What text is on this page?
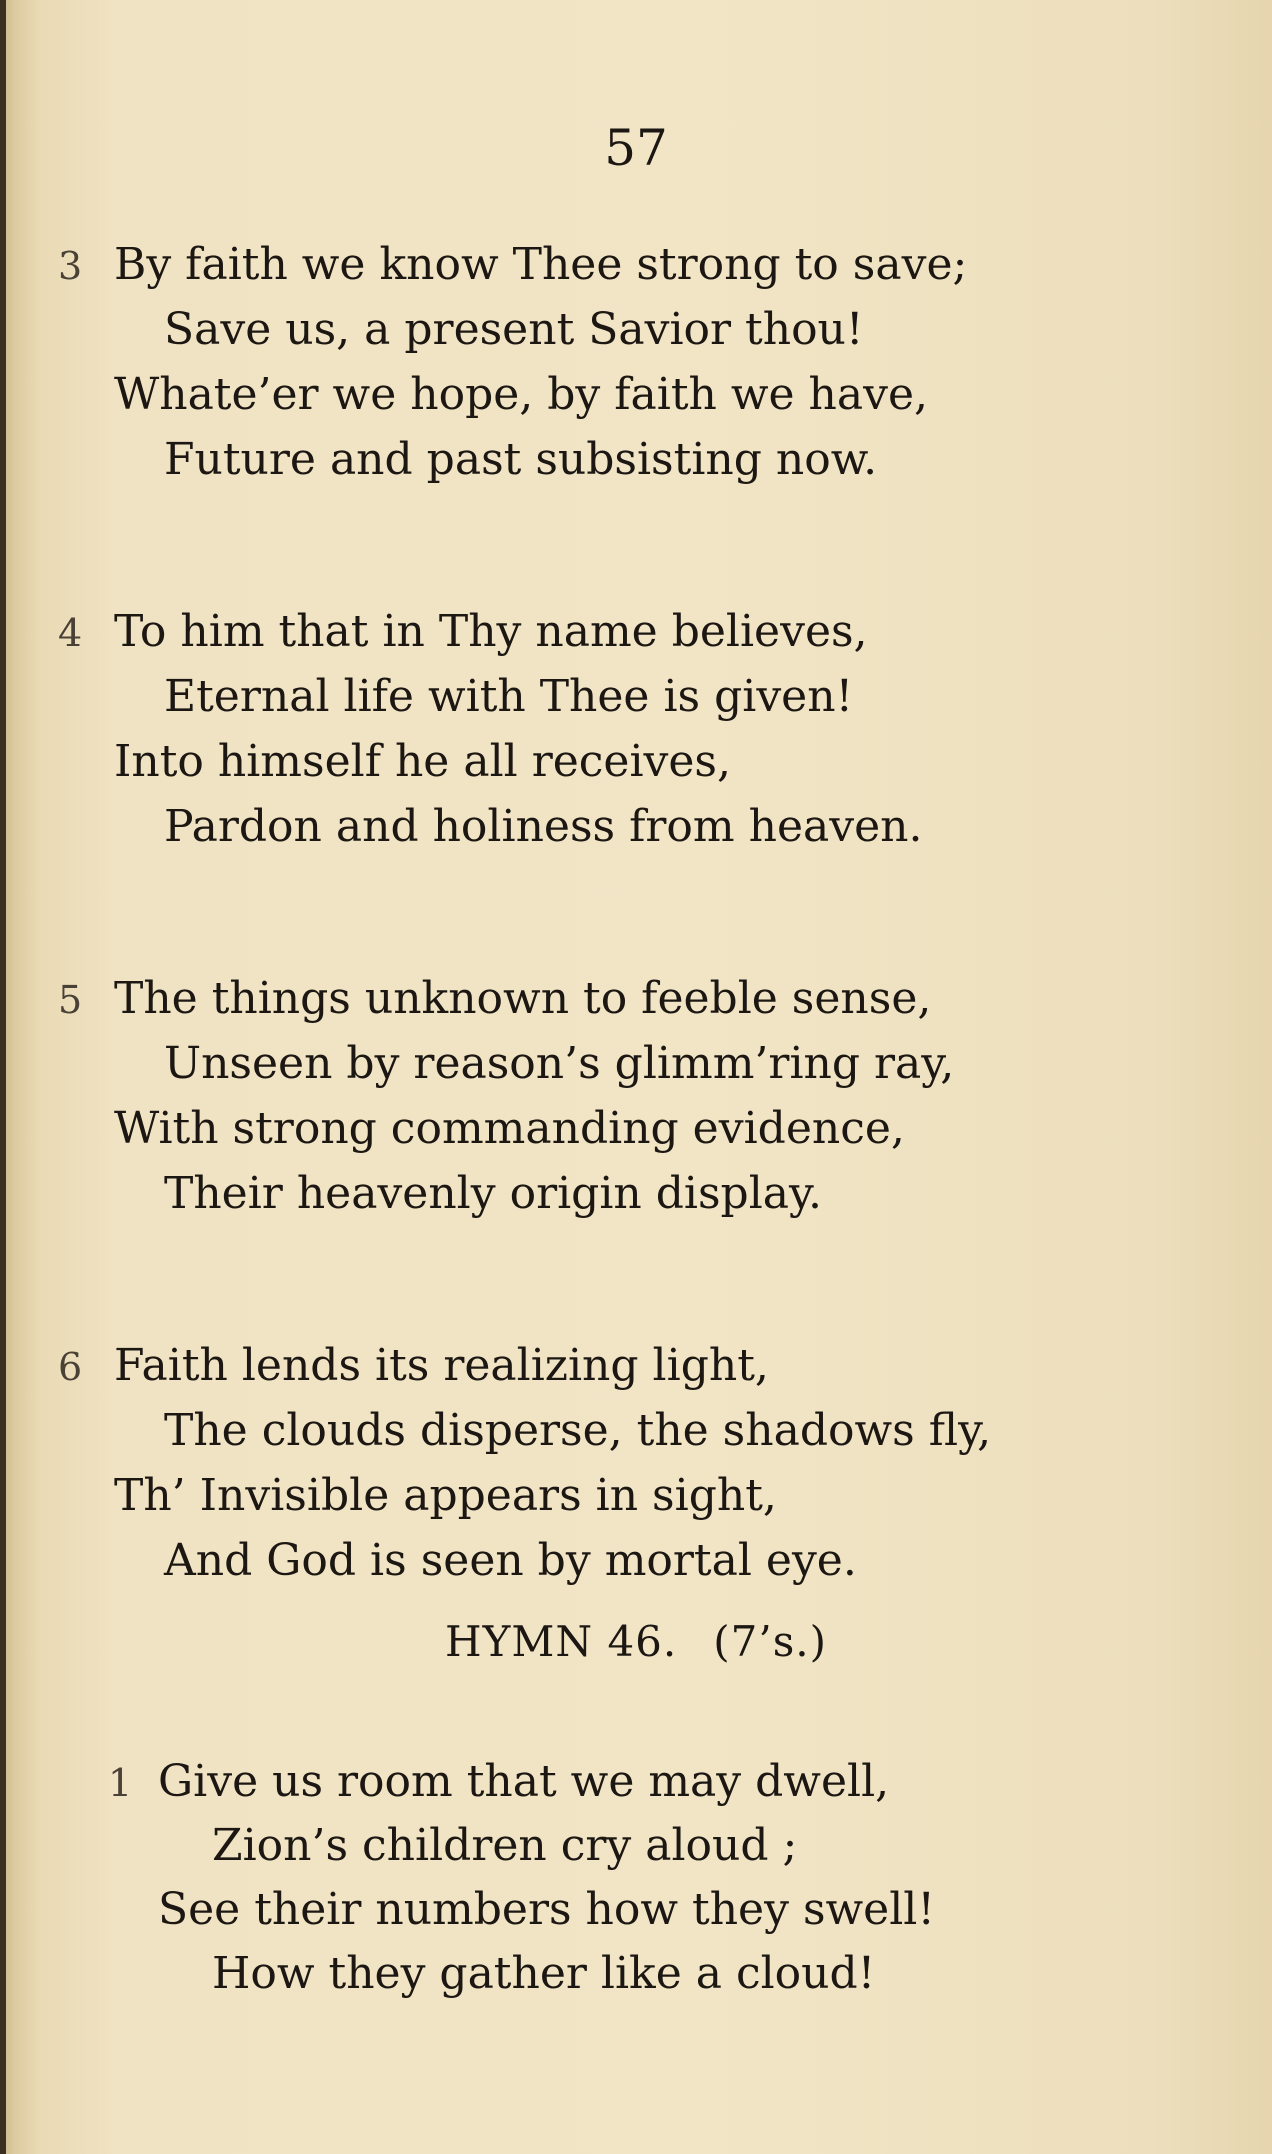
57
3 By faith we know Thee strong to save;
Save us, a present Savior thou!
Whate’er we hope, by faith we have,
Future and past subsisting now.
4 To him that in Thy name believes,
Eternal life with Thee is given!
Into himself he all receives,
Pardon and holiness from heaven.
5 The things unknown to feeble sense,
Unseen by reason’s glimm’ring ray,
With strong commanding evidence,
Their heavenly origin display.
6 Faith lends its realizing light,
The clouds disperse, the shadows fly,
Th’ Invisible appears in sight,
And God is seen by mortal eye.
HYMN 46. (7’s.)
1 Give us room that we may dwell,
Zion’s children cry aloud ;
See their numbers how they swell!
How they gather like a cloud!
